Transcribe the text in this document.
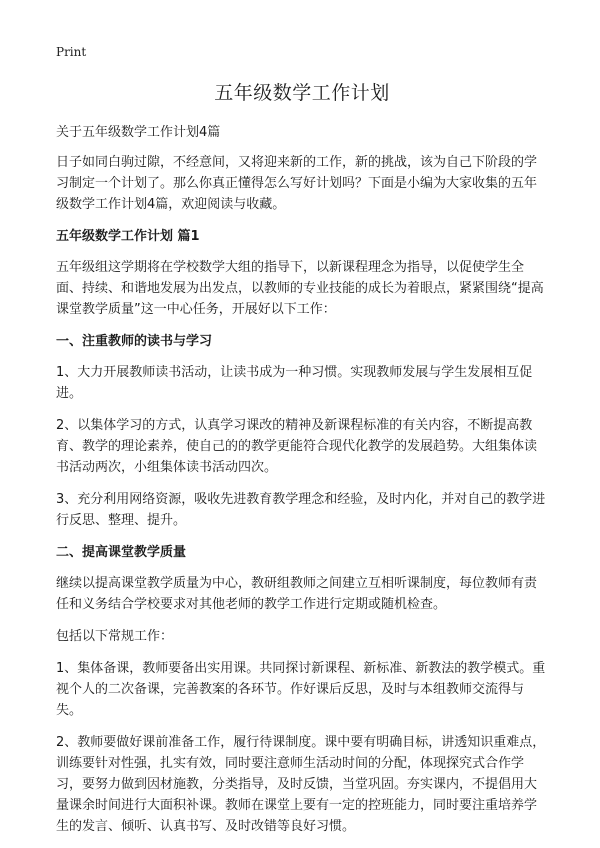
Print
五年级数学工作计划
关于五年级数学工作计划4篇
日子如同白驹过隙，不经意间，又将迎来新的工作，新的挑战，该为自己下阶段的学习制定一个计划了。那么你真正懂得怎么写好计划吗？下面是小编为大家收集的五年级数学工作计划4篇，欢迎阅读与收藏。
五年级数学工作计划 篇1
五年级组这学期将在学校数学大组的指导下，以新课程理念为指导，以促使学生全面、持续、和谐地发展为出发点，以教师的专业技能的成长为着眼点，紧紧围绕“提高课堂教学质量”这一中心任务，开展好以下工作：
一、注重教师的读书与学习
1、大力开展教师读书活动，让读书成为一种习惯。实现教师发展与学生发展相互促进。
2、以集体学习的方式，认真学习课改的精神及新课程标准的有关内容，不断提高教育、教学的理论素养，使自己的的教学更能符合现代化教学的发展趋势。大组集体读书活动两次，小组集体读书活动四次。
3、充分利用网络资源，吸收先进教育教学理念和经验，及时内化，并对自己的教学进行反思、整理、提升。
二、提高课堂教学质量
继续以提高课堂教学质量为中心，教研组教师之间建立互相听课制度，每位教师有责任和义务结合学校要求对其他老师的教学工作进行定期或随机检查。
包括以下常规工作：
1、集体备课，教师要备出实用课。共同探讨新课程、新标准、新教法的教学模式。重视个人的二次备课，完善教案的各环节。作好课后反思，及时与本组教师交流得与失。
2、教师要做好课前准备工作，履行待课制度。课中要有明确目标，讲透知识重难点，训练要针对性强，扎实有效，同时要注意师生活动时间的分配，体现探究式合作学习，要努力做到因材施教，分类指导，及时反馈，当堂巩固。夯实课内，不提倡用大量课余时间进行大面积补课。教师在课堂上要有一定的控班能力，同时要注重培养学生的发言、倾听、认真书写、及时改错等良好习惯。
